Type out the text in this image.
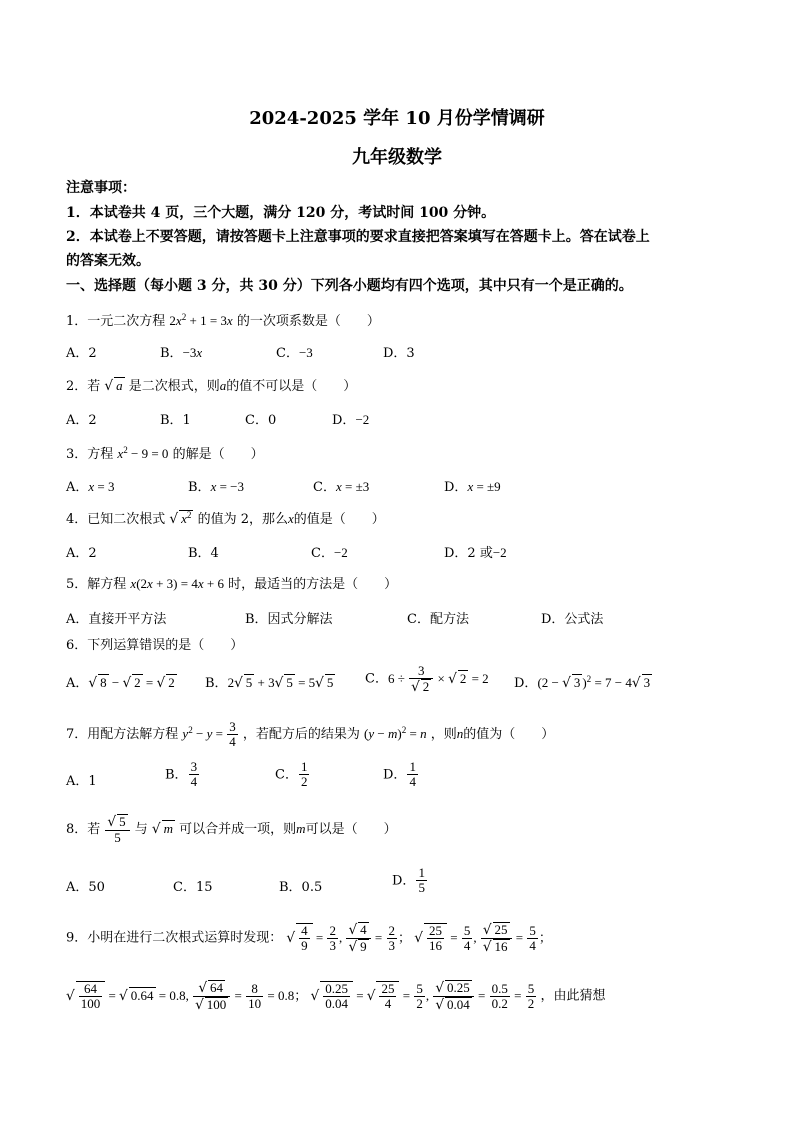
2024-2025 学年 10 月份学情调研
九年级数学
注意事项：
1．本试卷共 4 页，三个大题，满分 120 分，考试时间 100 分钟。
2．本试卷上不要答题，请按答题卡上注意事项的要求直接把答案填写在答题卡上。答在试卷上
的答案无效。
一、选择题（每小题 3 分，共 30 分）下列各小题均有四个选项，其中只有一个是正确的。
1．一元二次方程 $2x^2 + 1 = 3x$ 的一次项系数是（　　）
A．2	B．−3x	C．−3	D．3
2．若 √ a 是二次根式，则a的值不可以是（　　）
A．2	B．1	C．0	D．−2
3．方程 $x^2 - 9 = 0$ 的解是（　　）
A．x = 3	B．x = −3	C．x = ±3	D．x = ±9
4．已知二次根式 √ $x^2$ 的值为 2，那么x的值是（　　）
A．2	B．4	C．−2	D．2 或−2
5．解方程 x(2x + 3) = 4x + 6 时，最适当的方法是（　　）
A．直接开平方法	B．因式分解法	C．配方法	D．公式法
6．下列运算错误的是（　　）
A．√ 8 − √ 2 = √ 2 B．2√ 5 + 3√ 5 = 5√ 5 C．$6 \div \frac{3}{√ 2}$ × √ 2 = 2 D．(2 − √ 3 )$^2$ = 7 − 4√ 3
7．用配方法解方程 $y^2 - y = \frac{3}{4}$ ，若配方后的结果为 $(y - m)^2 = n$ ，则n的值为（　　）
A．1	B． $\frac{3}{4}$	C． $\frac{1}{2}$	D． $\frac{1}{4}$
8．若 $\frac{√ 5}{5}$ 与 √ m 可以合并成一项，则m可以是（　　）
A．50	C．15	B．0.5	D． $\frac{1}{5}$
9．小明在进行二次根式运算时发现： √ $\frac{4}{9} = \frac{2}{3}$ , $\frac{√ 4}{√ 9} = \frac{2}{3}$ ； √ $\frac{25}{16} = \frac{5}{4}$ , $\frac{√ 25}{√ 16} = \frac{5}{4}$ ；
√ $\frac{64}{100}$ = √ 0.64 = 0.8, $\frac{√ 64}{√ 100} = \frac{8}{10} = 0.8$； √ $\frac{0.25}{0.04}$ = √ $\frac{25}{4} = \frac{5}{2}$ , $\frac{√ 0.25}{√ 0.04} = \frac{0.5}{0.2} = \frac{5}{2}$ ，由此猜想
